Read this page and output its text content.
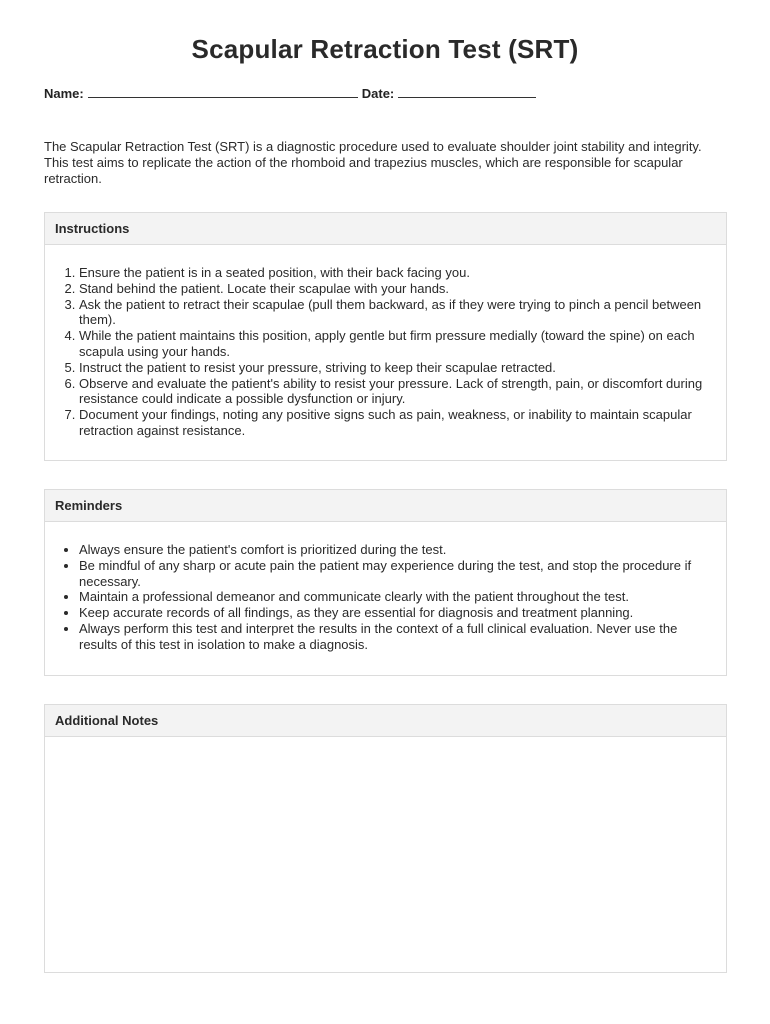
Scapular Retraction Test (SRT)
Name:	Date:
The Scapular Retraction Test (SRT) is a diagnostic procedure used to evaluate shoulder joint stability and integrity. This test aims to replicate the action of the rhomboid and trapezius muscles, which are responsible for scapular retraction.
Instructions
1. Ensure the patient is in a seated position, with their back facing you.
2. Stand behind the patient. Locate their scapulae with your hands.
3. Ask the patient to retract their scapulae (pull them backward, as if they were trying to pinch a pencil between them).
4. While the patient maintains this position, apply gentle but firm pressure medially (toward the spine) on each scapula using your hands.
5. Instruct the patient to resist your pressure, striving to keep their scapulae retracted.
6. Observe and evaluate the patient's ability to resist your pressure. Lack of strength, pain, or discomfort during resistance could indicate a possible dysfunction or injury.
7. Document your findings, noting any positive signs such as pain, weakness, or inability to maintain scapular retraction against resistance.
Reminders
• Always ensure the patient's comfort is prioritized during the test.
• Be mindful of any sharp or acute pain the patient may experience during the test, and stop the procedure if necessary.
• Maintain a professional demeanor and communicate clearly with the patient throughout the test.
• Keep accurate records of all findings, as they are essential for diagnosis and treatment planning.
• Always perform this test and interpret the results in the context of a full clinical evaluation. Never use the results of this test in isolation to make a diagnosis.
Additional Notes
